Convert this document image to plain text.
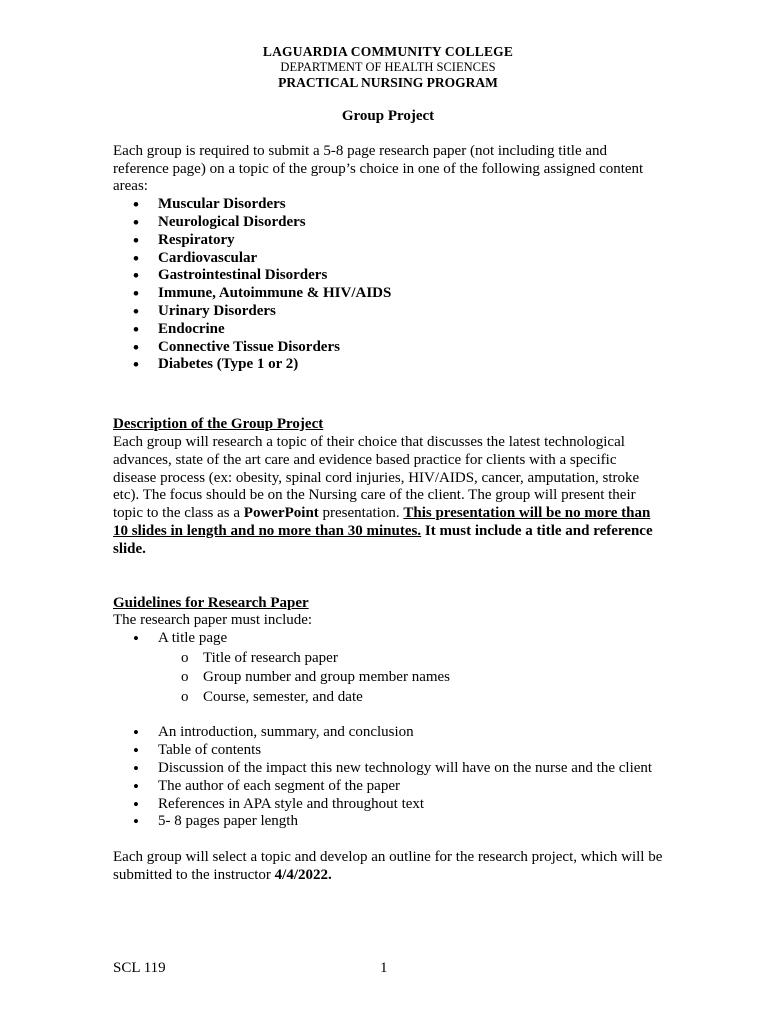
LAGUARDIA COMMUNITY COLLEGE
DEPARTMENT OF HEALTH SCIENCES
PRACTICAL NURSING PROGRAM
Group Project

Each group is required to submit a 5-8 page research paper (not including title and reference page) on a topic of the group’s choice in one of the following assigned content areas:

• Muscular Disorders
• Neurological Disorders
• Respiratory
• Cardiovascular
• Gastrointestinal Disorders
• Immune, Autoimmune & HIV/AIDS
• Urinary Disorders
• Endocrine
• Connective Tissue Disorders
• Diabetes (Type 1 or 2)
Description of the Group Project

Each group will research a topic of their choice that discusses the latest technological advances, state of the art care and evidence based practice for clients with a specific disease process (ex: obesity, spinal cord injuries, HIV/AIDS, cancer, amputation, stroke etc). The focus should be on the Nursing care of the client. The group will present their topic to the class as a PowerPoint presentation. This presentation will be no more than 10 slides in length and no more than 30 minutes. It must include a title and reference slide.

Guidelines for Research Paper

The research paper must include:

• A title page
o Title of research paper
o Group number and group member names
o Course, semester, and date
• An introduction, summary, and conclusion
• Table of contents
• Discussion of the impact this new technology will have on the nurse and the client
• The author of each segment of the paper
• References in APA style and throughout text
• 5- 8 pages paper length

Each group will select a topic and develop an outline for the research project, which will be submitted to the instructor 4/4/2022.

SCL 119	1
